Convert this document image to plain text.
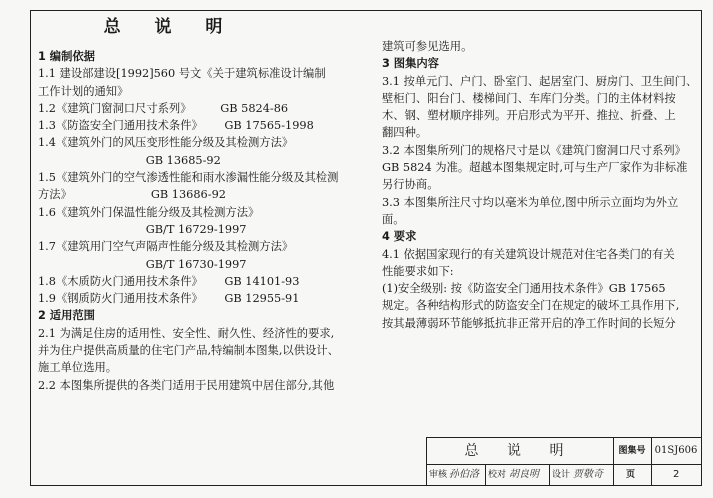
总 说 明

1 编制依据

1.1 建设部建设[1992]560 号文《关于建筑标准设计编制

工作计划的通知》

1.2《建筑门窗洞口尺寸系列》        GB 5824-86

1.3《防盗安全门通用技术条件》      GB 17565-1998

1.4《建筑外门的风压变形性能分级及其检测方法》

GB 13685-92

1.5《建筑外门的空气渗透性能和雨水渗漏性能分级及其检测

方法》                      GB 13686-92

1.6《建筑外门保温性能分级及其检测方法》

GB/T 16729-1997

1.7《建筑用门空气声隔声性能分级及其检测方法》

GB/T 16730-1997

1.8《木质防火门通用技术条件》      GB 14101-93

1.9《钢质防火门通用技术条件》      GB 12955-91

2 适用范围

2.1 为满足住房的适用性、安全性、耐久性、经济性的要求,

并为住户提供高质量的住宅门产品,特编制本图集,以供设计、

施工单位选用。

2.2 本图集所提供的各类门适用于民用建筑中居住部分,其他

建筑可参见选用。

3 图集内容

3.1 按单元门、户门、卧室门、起居室门、厨房门、卫生间门、

壁柜门、阳台门、楼梯间门、车库门分类。门的主体材料按

木、钢、塑材顺序排列。开启形式为平开、推拉、折叠、上

翻四种。

3.2 本图集所列门的规格尺寸是以《建筑门窗洞口尺寸系列》

GB 5824 为准。超越本图集规定时,可与生产厂家作为非标准

另行协商。

3.3 本图集所注尺寸均以毫米为单位,图中所示立面均为外立

面。

4 要求

4.1 依据国家现行的有关建筑设计规范对住宅各类门的有关

性能要求如下:

(1)安全级别: 按《防盗安全门通用技术条件》GB 17565

规定。各种结构形式的防盗安全门在规定的破坏工具作用下,

按其最薄弱环节能够抵抗非正常开启的净工作时间的长短分

总 说 明	图集号 01SJ606
审核 孙伯洛 校对 胡良明 设计 贾敬奇	页	2
